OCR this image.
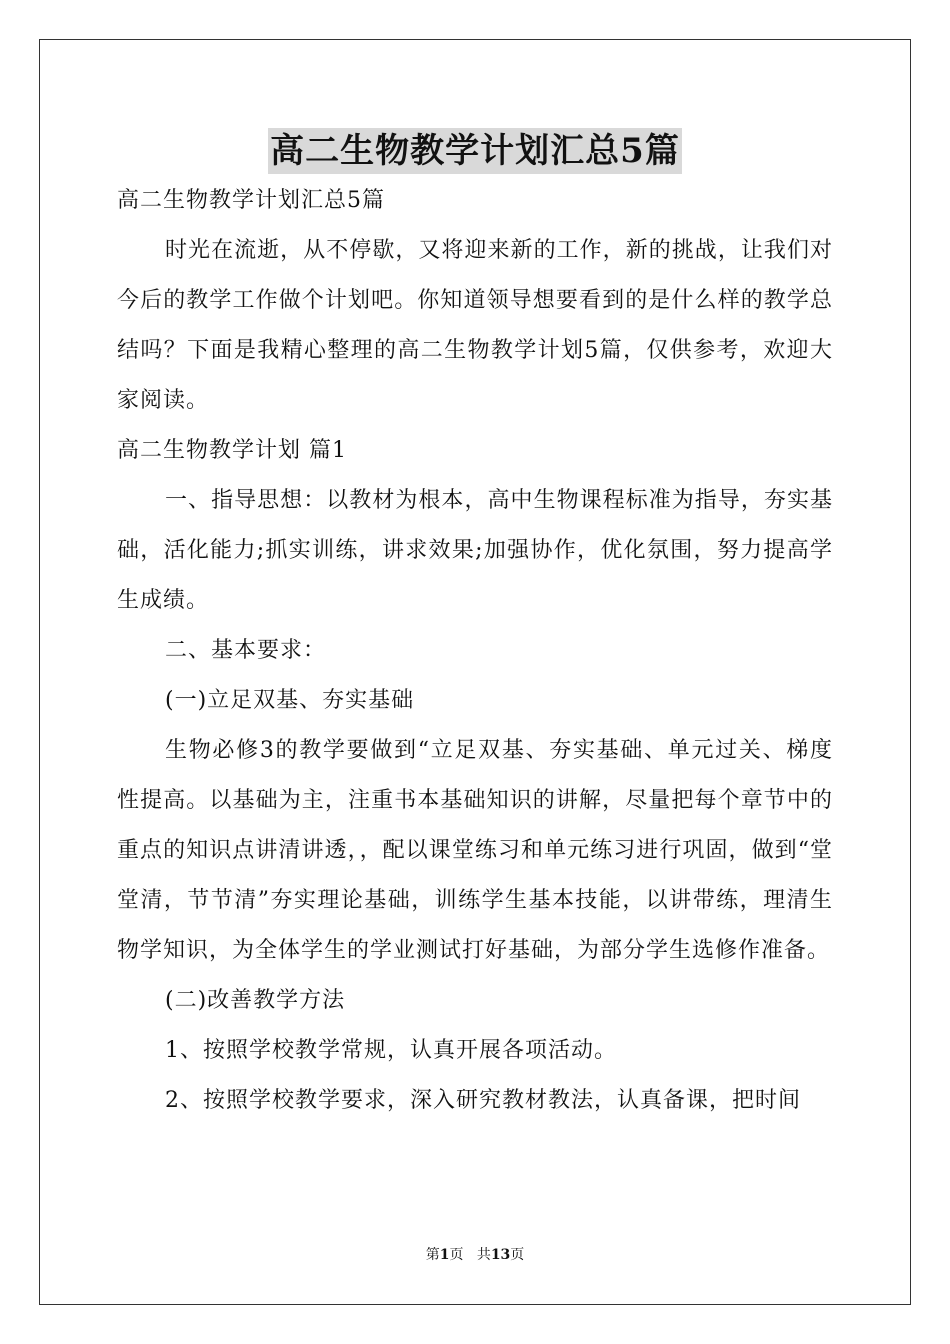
高二生物教学计划汇总5篇

高二生物教学计划汇总5篇

时光在流逝，从不停歇，又将迎来新的工作，新的挑战，让我们对今后的教学工作做个计划吧。你知道领导想要看到的是什么样的教学总结吗？下面是我精心整理的高二生物教学计划5篇，仅供参考，欢迎大家阅读。

高二生物教学计划 篇1

一、指导思想：以教材为根本，高中生物课程标准为指导，夯实基础，活化能力;抓实训练，讲求效果;加强协作，优化氛围，努力提高学生成绩。

二、基本要求：

(一)立足双基、夯实基础

生物必修3的教学要做到“立足双基、夯实基础、单元过关、梯度性提高。以基础为主，注重书本基础知识的讲解，尽量把每个章节中的重点的知识点讲清讲透，，配以课堂练习和单元练习进行巩固，做到“堂堂清，节节清”夯实理论基础，训练学生基本技能，以讲带练，理清生物学知识，为全体学生的学业测试打好基础，为部分学生选修作准备。

(二)改善教学方法

1、按照学校教学常规，认真开展各项活动。

2、按照学校教学要求，深入研究教材教法，认真备课，把时间

第1页 共13页
